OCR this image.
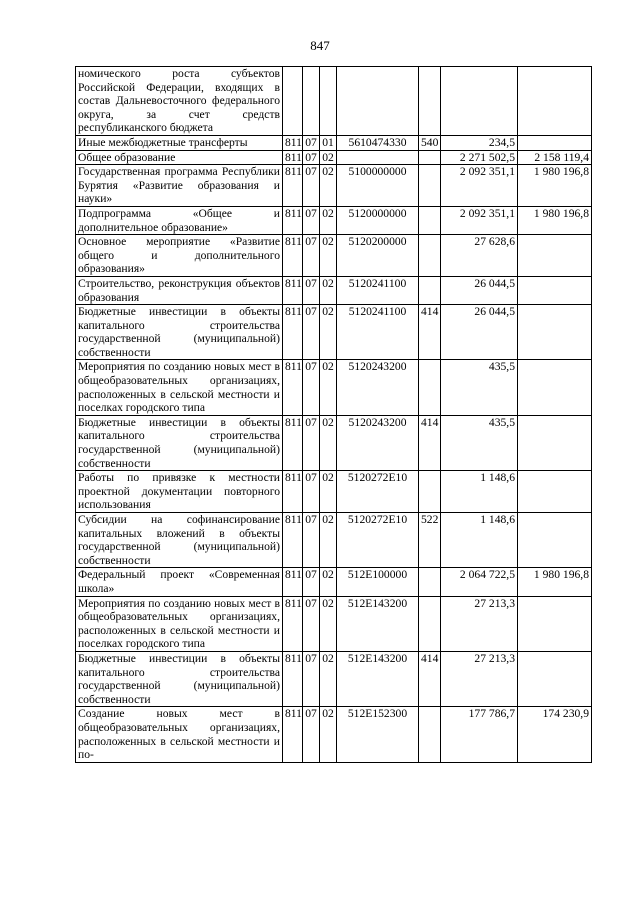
847
номического роста субъектов Российской Федерации, входящих в состав Дальневосточного федерального округа, за счет средств республиканского бюджета							
Иные межбюджетные трансферты	811	07	01	5610474330	540	234,5	
Общее образование	811	07	02			2 271 502,5	2 158 119,4
Государственная программа Республики Бурятия «Развитие образования и науки»	811	07	02	5100000000		2 092 351,1	1 980 196,8
Подпрограмма «Общее и дополнительное образование»	811	07	02	5120000000		2 092 351,1	1 980 196,8
Основное мероприятие «Развитие общего и дополнительного образования»	811	07	02	5120200000		27 628,6	
Строительство, реконструкция объектов образования	811	07	02	5120241100		26 044,5	
Бюджетные инвестиции в объекты капитального строительства государственной (муниципальной) собственности	811	07	02	5120241100	414	26 044,5	
Мероприятия по созданию новых мест в общеобразовательных организациях, расположенных в сельской местности и поселках городского типа	811	07	02	5120243200		435,5	
Бюджетные инвестиции в объекты капитального строительства государственной (муниципальной) собственности	811	07	02	5120243200	414	435,5	
Работы по привязке к местности проектной документации повторного использования	811	07	02	5120272E10		1 148,6	
Субсидии на софинансирование капитальных вложений в объекты государственной (муниципальной) собственности	811	07	02	5120272E10	522	1 148,6	
Федеральный проект «Современная школа»	811	07	02	512E100000		2 064 722,5	1 980 196,8
Мероприятия по созданию новых мест в общеобразовательных организациях, расположенных в сельской местности и поселках городского типа	811	07	02	512E143200		27 213,3	
Бюджетные инвестиции в объекты капитального строительства государственной (муниципальной) собственности	811	07	02	512E143200	414	27 213,3	
Создание новых мест в общеобразовательных организациях, расположенных в сельской местности и по-	811	07	02	512E152300		177 786,7	174 230,9
